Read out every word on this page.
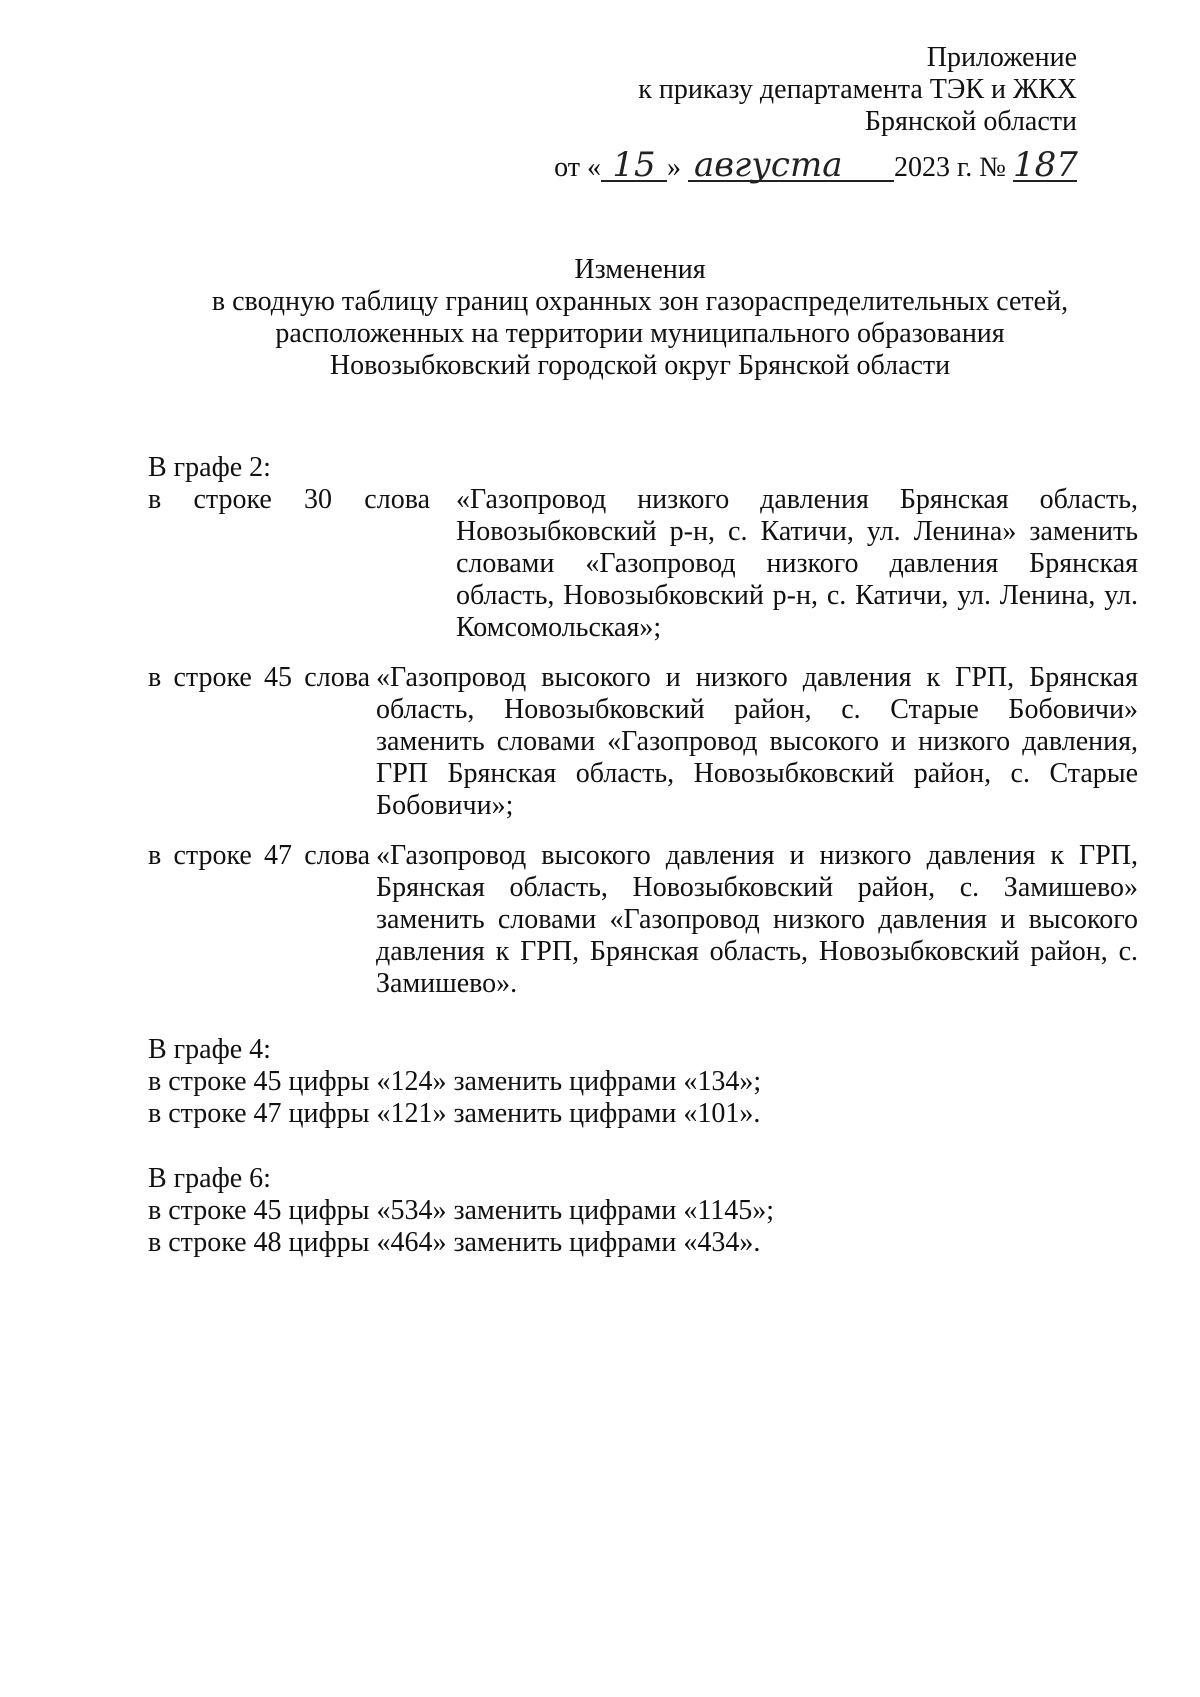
Приложение
к приказу департамента ТЭК и ЖКХ
Брянской области
от « 15 » августа 2023 г. № 187
Изменения
в сводную таблицу границ охранных зон газораспределительных сетей,
расположенных на территории муниципального образования
Новозыбковский городской округ Брянской области
В графе 2:
в строке 30 слова «Газопровод низкого давления Брянская область, Новозыбковский р-н, с. Катичи, ул. Ленина» заменить словами «Газопровод низкого давления Брянская область, Новозыбковский р-н, с. Катичи, ул. Ленина, ул. Комсомольская»;
в строке 45 слова «Газопровод высокого и низкого давления к ГРП, Брянская область, Новозыбковский район, с. Старые Бобовичи» заменить словами «Газопровод высокого и низкого давления, ГРП Брянская область, Новозыбковский район, с. Старые Бобовичи»;
в строке 47 слова «Газопровод высокого давления и низкого давления к ГРП, Брянская область, Новозыбковский район, с. Замишево» заменить словами «Газопровод низкого давления и высокого давления к ГРП, Брянская область, Новозыбковский район, с. Замишево».
В графе 4:
в строке 45 цифры «124» заменить цифрами «134»;
в строке 47 цифры «121» заменить цифрами «101».
В графе 6:
в строке 45 цифры «534» заменить цифрами «1145»;
в строке 48 цифры «464» заменить цифрами «434».
